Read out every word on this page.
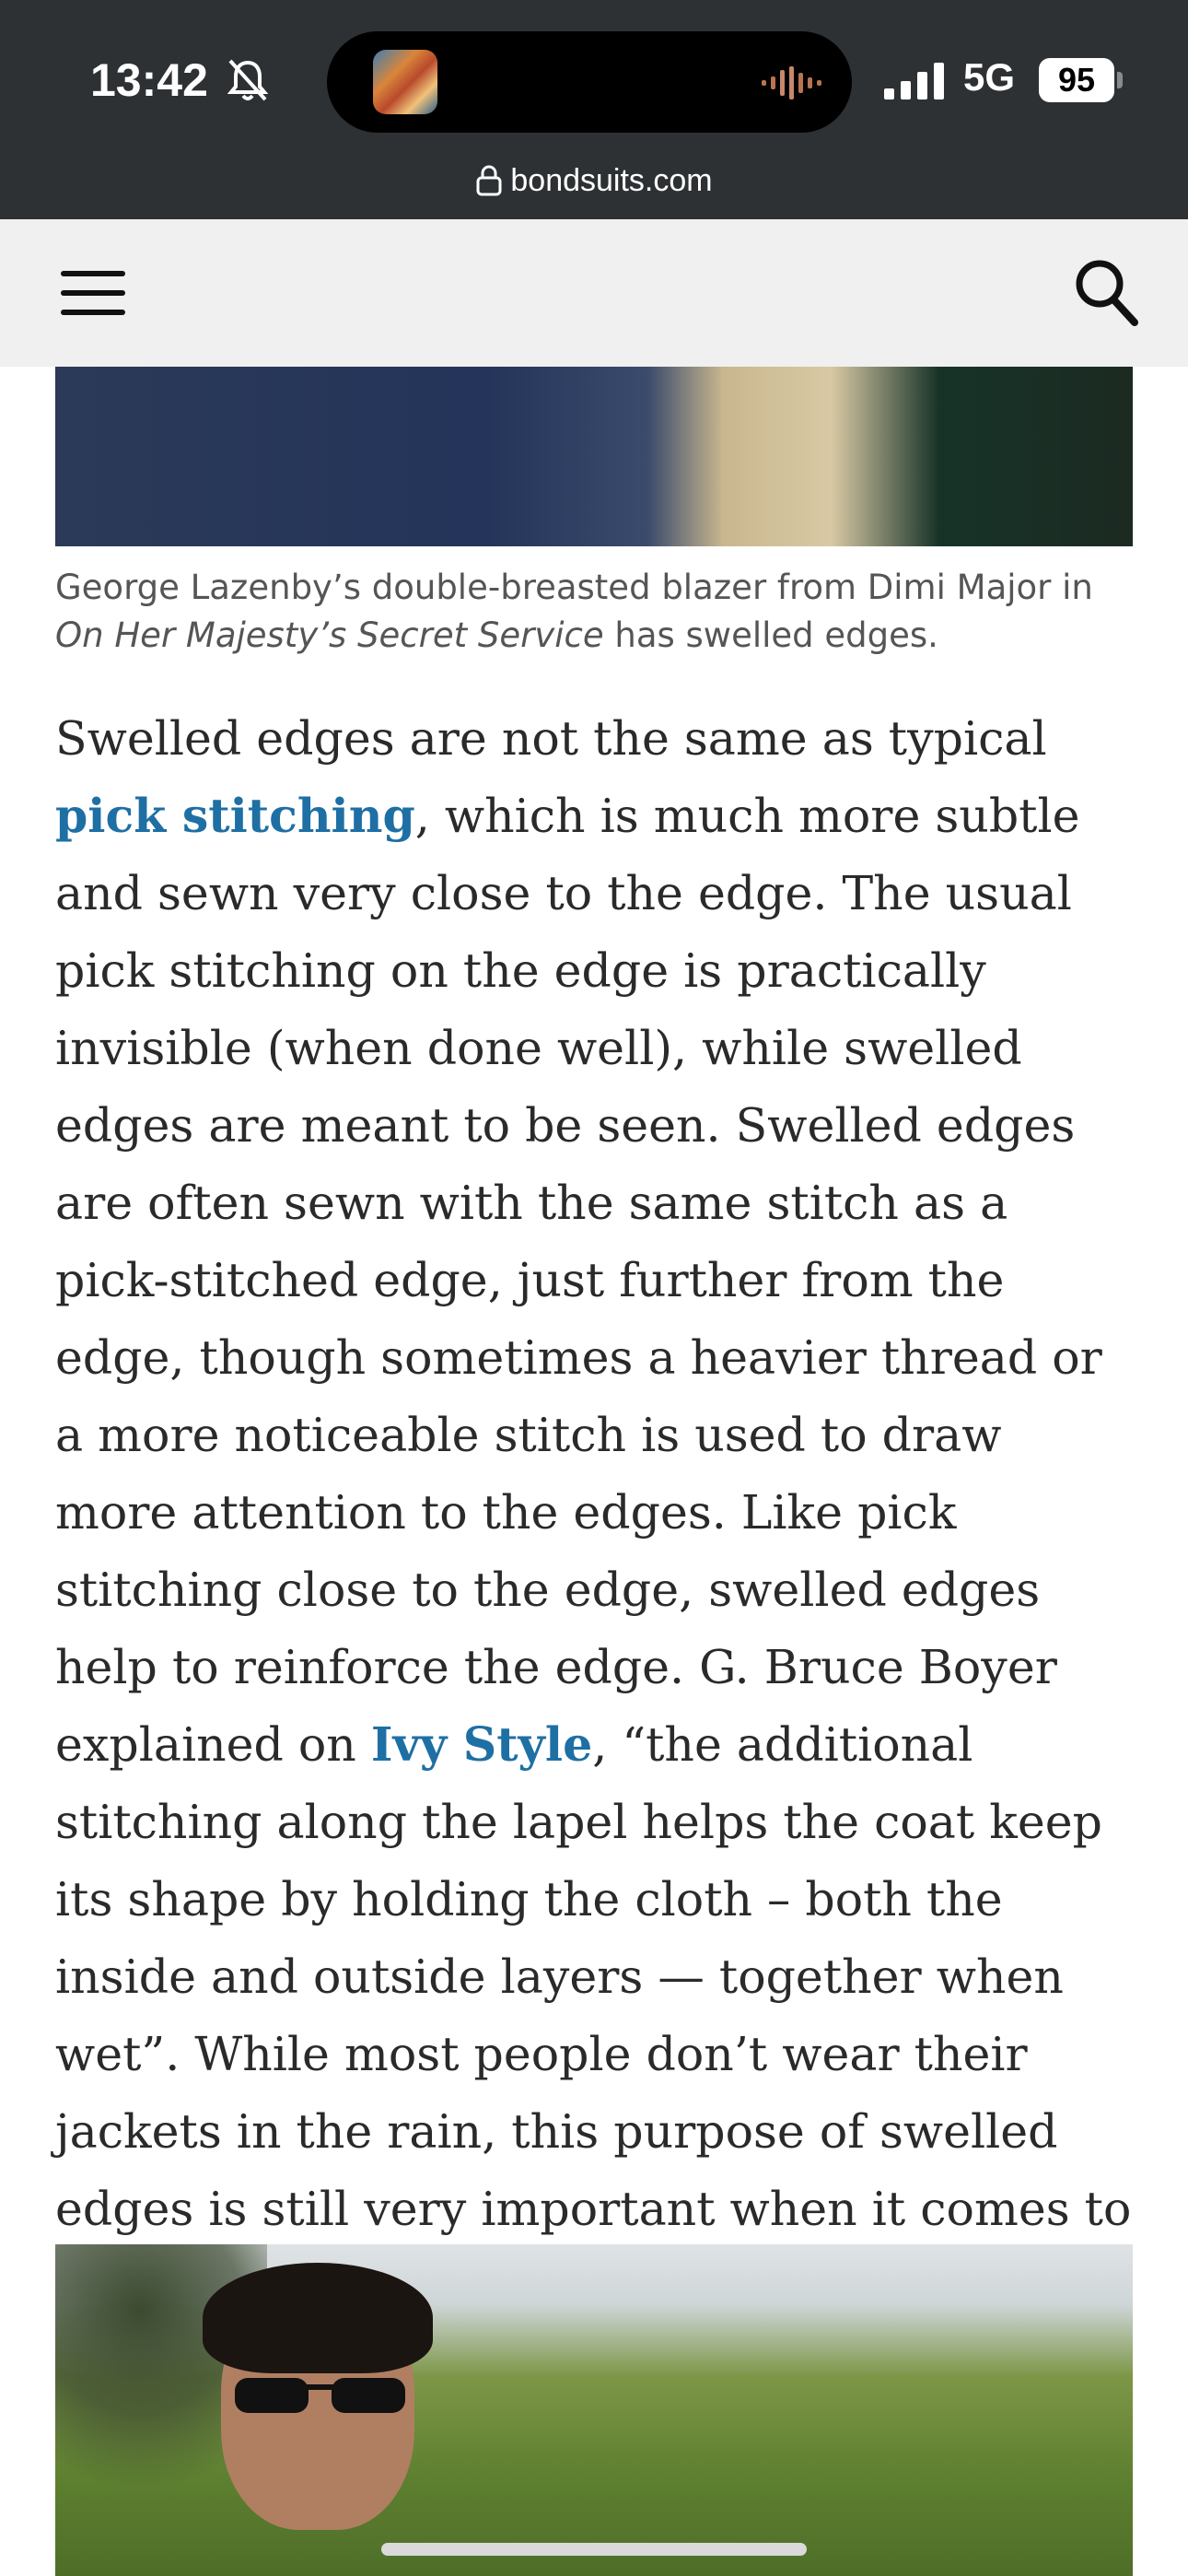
13:42	5G 95
bondsuits.com
George Lazenby’s double-breasted blazer from Dimi Major in On Her Majesty’s Secret Service has swelled edges.

Swelled edges are not the same as typical pick stitching, which is much more subtle and sewn very close to the edge. The usual pick stitching on the edge is practically invisible (when done well), while swelled edges are meant to be seen. Swelled edges are often sewn with the same stitch as a pick-stitched edge, just further from the edge, though sometimes a heavier thread or a more noticeable stitch is used to draw more attention to the edges. Like pick stitching close to the edge, swelled edges help to reinforce the edge. G. Bruce Boyer explained on Ivy Style, “the additional stitching along the lapel helps the coat keep its shape by holding the cloth – both the inside and outside layers — together when wet”. While most people don’t wear their jackets in the rain, this purpose of swelled edges is still very important when it comes to
